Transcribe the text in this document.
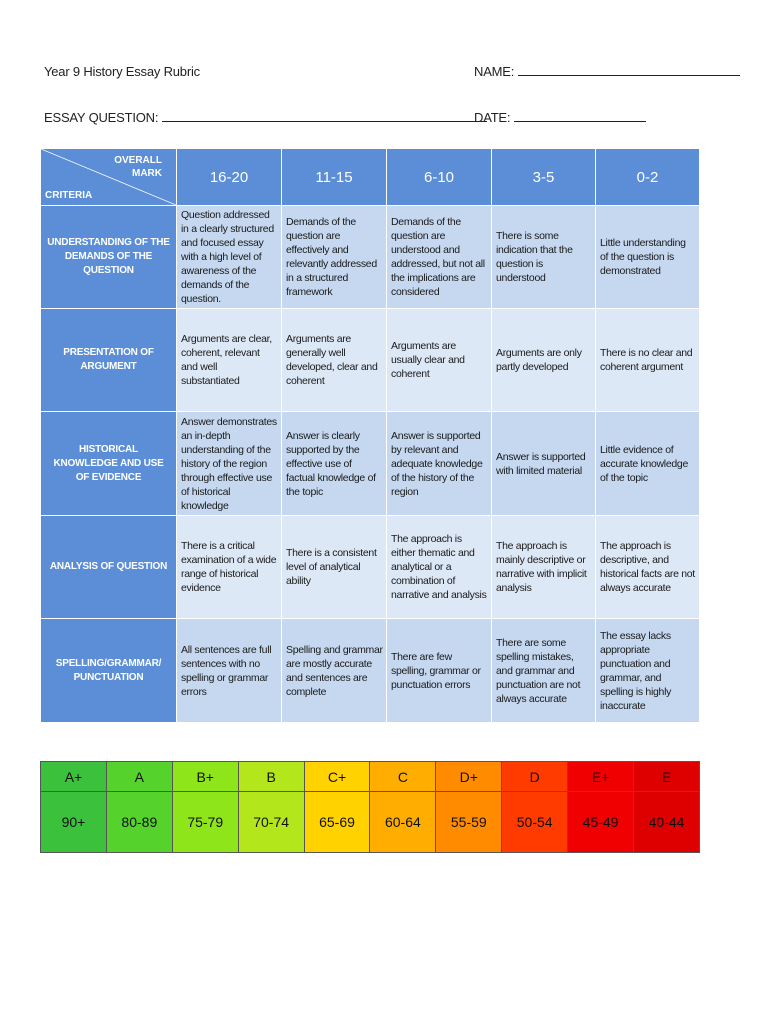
Year 9 History Essay Rubric	NAME:
ESSAY QUESTION:	DATE:
OVERALL MARK
CRITERIA	16-20	11-15	6-10	3-5	0-2
UNDERSTANDING OF THE DEMANDS OF THE QUESTION	Question addressed in a clearly structured and focused essay with a high level of awareness of the demands of the question.	Demands of the question are effectively and relevantly addressed in a structured framework	Demands of the question are understood and addressed, but not all the implications are considered	There is some indication that the question is understood	Little understanding of the question is demonstrated
PRESENTATION OF ARGUMENT	Arguments are clear, coherent, relevant and well substantiated	Arguments are generally well developed, clear and coherent	Arguments are usually clear and coherent	Arguments are only partly developed	There is no clear and coherent argument
HISTORICAL KNOWLEDGE AND USE OF EVIDENCE	Answer demonstrates an in-depth understanding of the history of the region through effective use of historical knowledge	Answer is clearly supported by the effective use of factual knowledge of the topic	Answer is supported by relevant and adequate knowledge of the history of the region	Answer is supported with limited material	Little evidence of accurate knowledge of the topic
ANALYSIS OF QUESTION	There is a critical examination of a wide range of historical evidence	There is a consistent level of analytical ability	The approach is either thematic and analytical or a combination of narrative and analysis	The approach is mainly descriptive or narrative with implicit analysis	The approach is descriptive, and historical facts are not always accurate
SPELLING/GRAMMAR/ PUNCTUATION	All sentences are full sentences with no spelling or grammar errors	Spelling and grammar are mostly accurate and sentences are complete	There are few spelling, grammar or punctuation errors	There are some spelling mistakes, and grammar and punctuation are not always accurate	The essay lacks appropriate punctuation and grammar, and spelling is highly inaccurate
A+	A	B+	B	C+	C	D+	D	E+	E
90+	80-89	75-79	70-74	65-69	60-64	55-59	50-54	45-49	40-44
